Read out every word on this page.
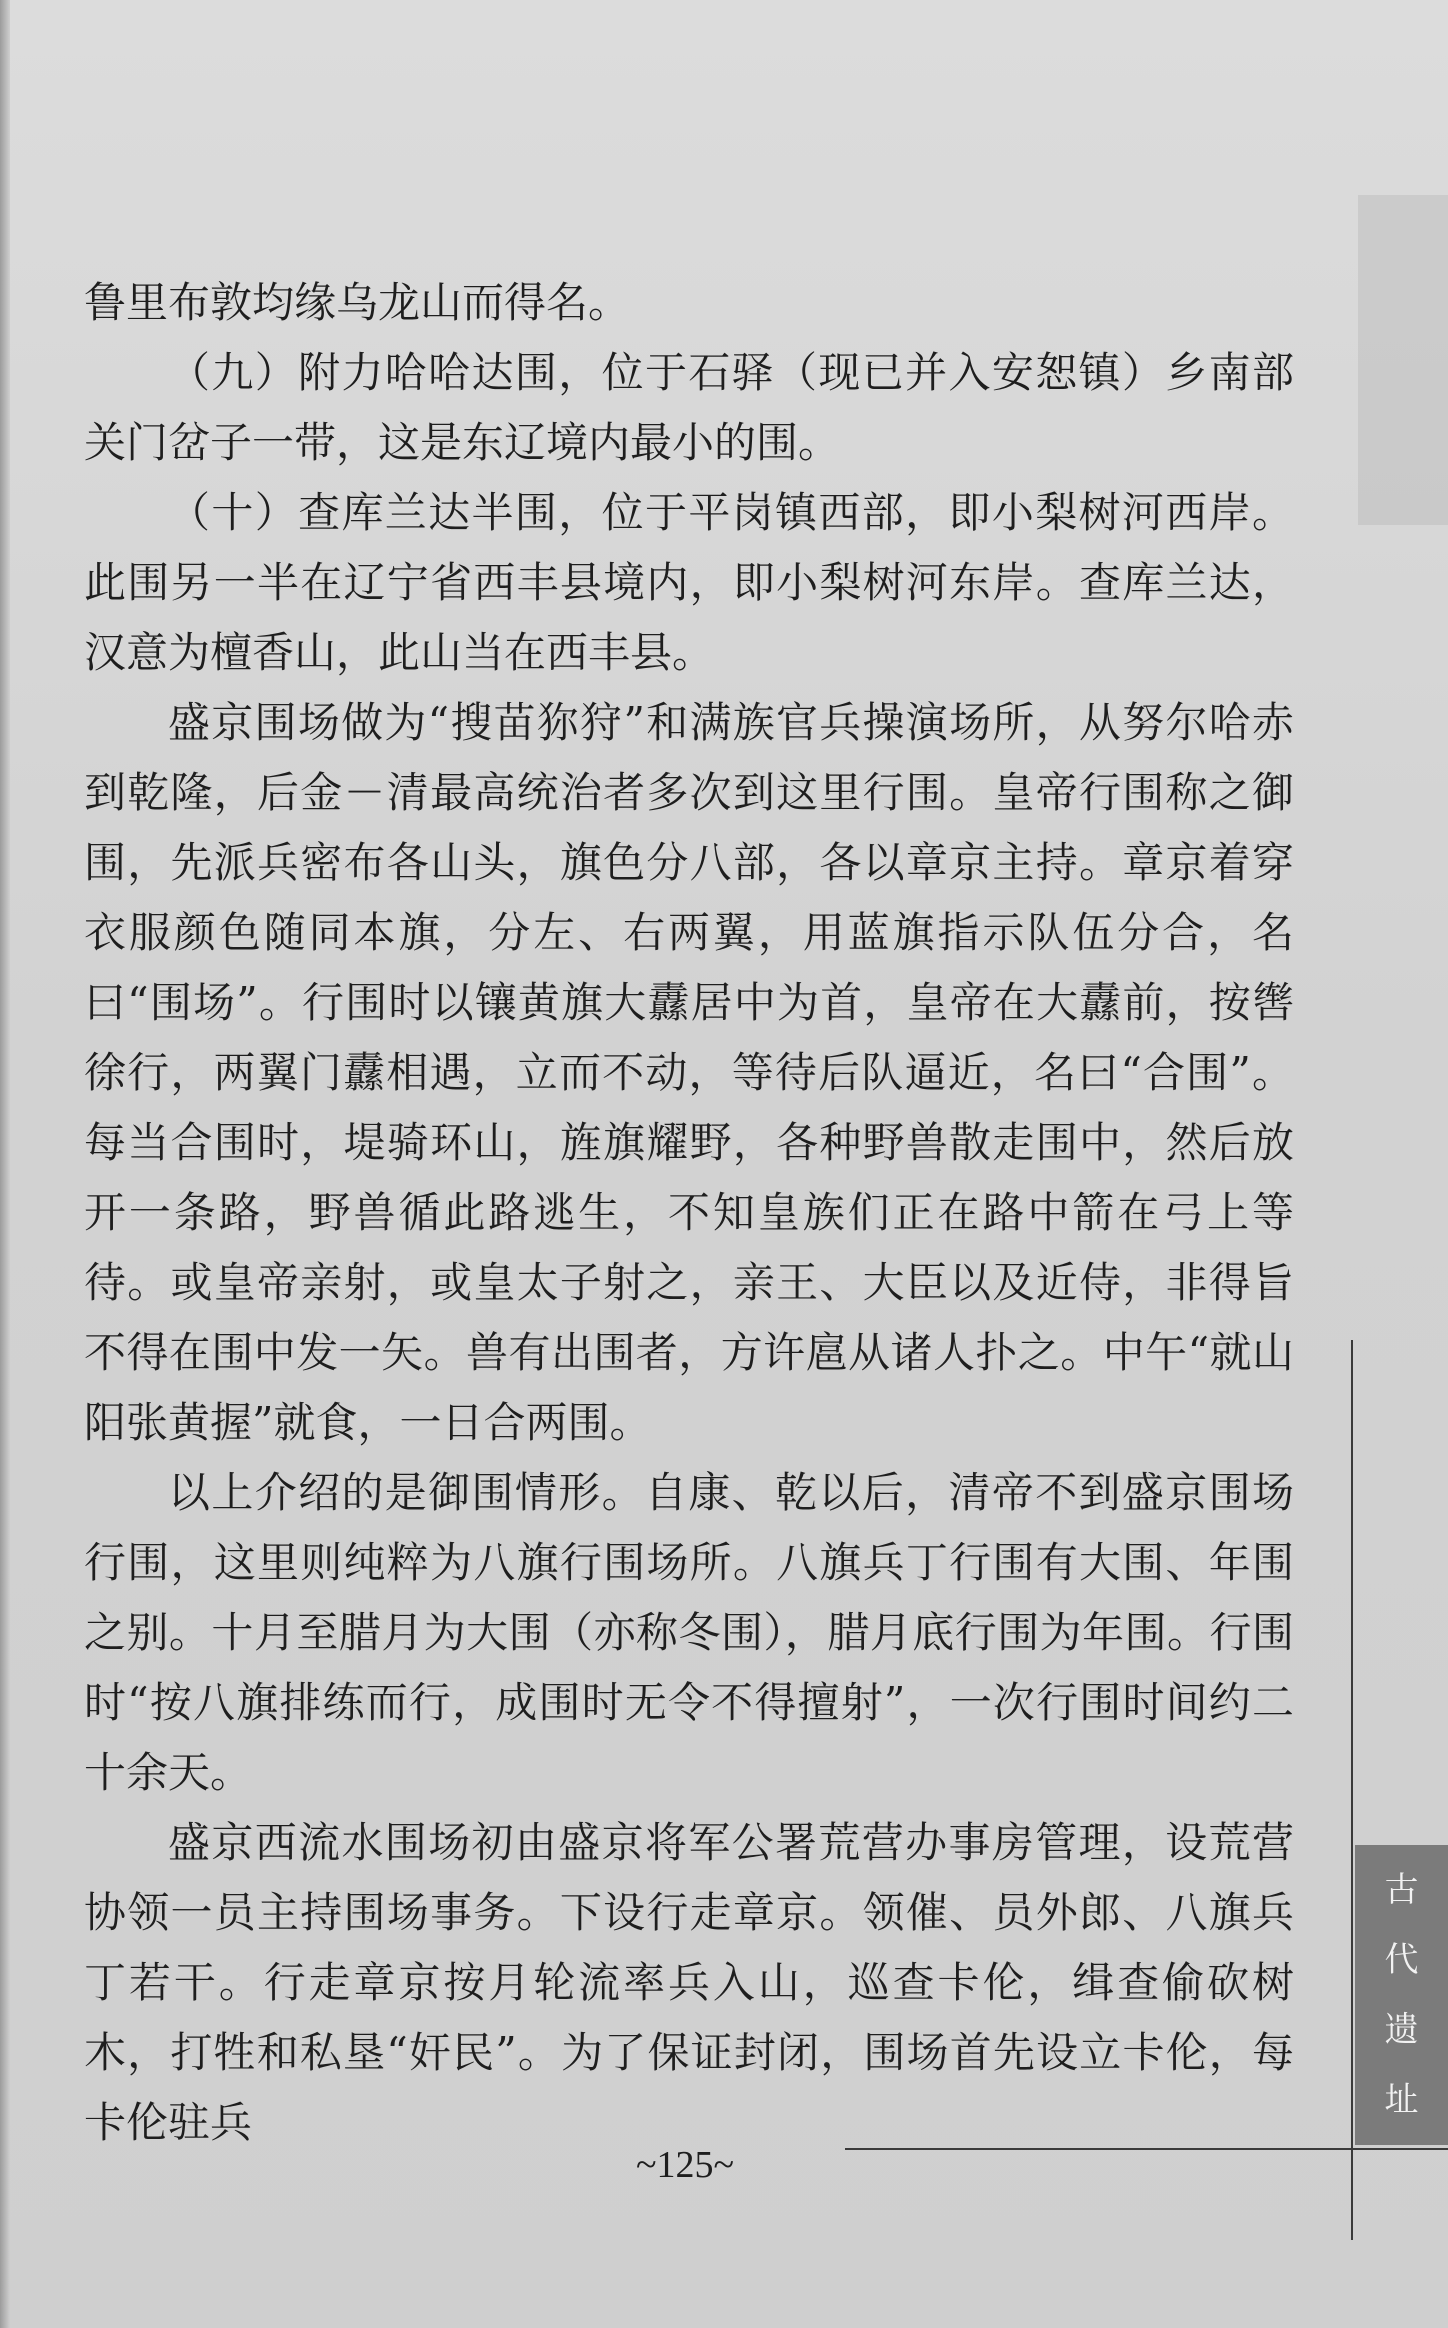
鲁里布敦均缘乌龙山而得名。

（九）附力哈哈达围，位于石驿（现已并入安恕镇）乡南部关门岔子一带，这是东辽境内最小的围。

（十）查库兰达半围，位于平岗镇西部，即小梨树河西岸。此围另一半在辽宁省西丰县境内，即小梨树河东岸。查库兰达，汉意为檀香山，此山当在西丰县。

盛京围场做为“搜苗狝狩”和满族官兵操演场所，从努尔哈赤到乾隆，后金－清最高统治者多次到这里行围。皇帝行围称之御围，先派兵密布各山头，旗色分八部，各以章京主持。章京着穿衣服颜色随同本旗，分左、右两翼，用蓝旗指示队伍分合，名曰“围场”。行围时以镶黄旗大纛居中为首，皇帝在大纛前，按辔徐行，两翼门纛相遇，立而不动，等待后队逼近，名曰“合围”。每当合围时，堤骑环山，旌旗耀野，各种野兽散走围中，然后放开一条路，野兽循此路逃生，不知皇族们正在路中箭在弓上等待。或皇帝亲射，或皇太子射之，亲王、大臣以及近侍，非得旨不得在围中发一矢。兽有出围者，方许扈从诸人扑之。中午“就山阳张黄握”就食，一日合两围。

以上介绍的是御围情形。自康、乾以后，清帝不到盛京围场行围，这里则纯粹为八旗行围场所。八旗兵丁行围有大围、年围之别。十月至腊月为大围（亦称冬围），腊月底行围为年围。行围时“按八旗排练而行，成围时无令不得擅射”，一次行围时间约二十余天。

盛京西流水围场初由盛京将军公署荒营办事房管理，设荒营协领一员主持围场事务。下设行走章京。领催、员外郎、八旗兵丁若干。行走章京按月轮流率兵入山，巡查卡伦，缉查偷砍树木，打牲和私垦“奸民”。为了保证封闭，围场首先设立卡伦，每卡伦驻兵

~125~
古
代
遗
址
